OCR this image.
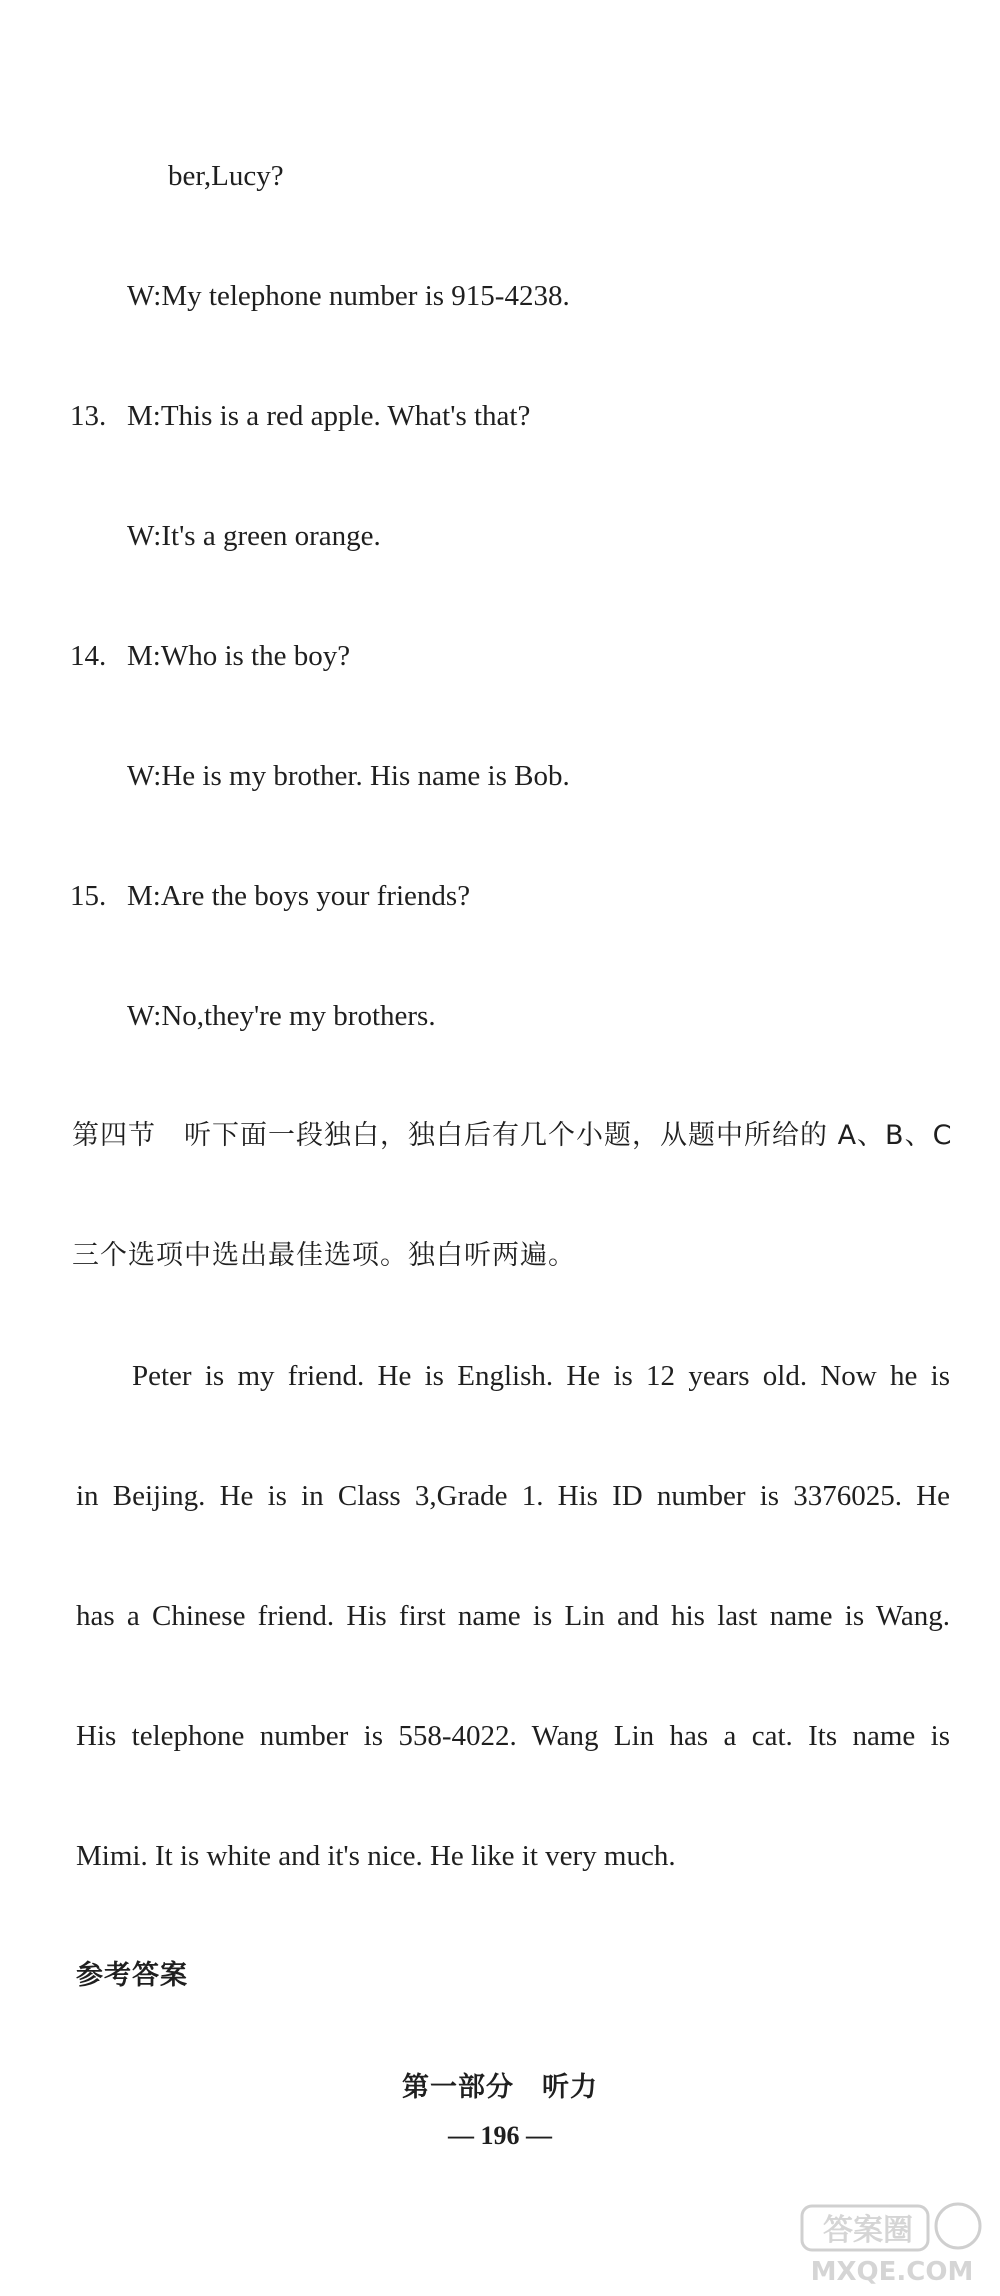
ber,Lucy?
W:My telephone number is 915-4238.
13. M:This is a red apple. What's that?
W:It's a green orange.
14. M:Who is the boy?
W:He is my brother. His name is Bob.
15. M:Are the boys your friends?
W:No,they're my brothers.
第四节　听下面一段独白，独白后有几个小题，从题中所给的 A、B、C
三个选项中选出最佳选项。独白听两遍。
Peter is my friend. He is English. He is 12 years old. Now he is
in Beijing. He is in Class 3,Grade 1. His ID number is 3376025. He
has a Chinese friend. His first name is Lin and his last name is Wang.
His telephone number is 558-4022. Wang Lin has a cat. Its name is
Mimi. It is white and it's nice. He like it very much.
参考答案
第一部分　听力
— 196 —
答案圈
MXQE.COM
